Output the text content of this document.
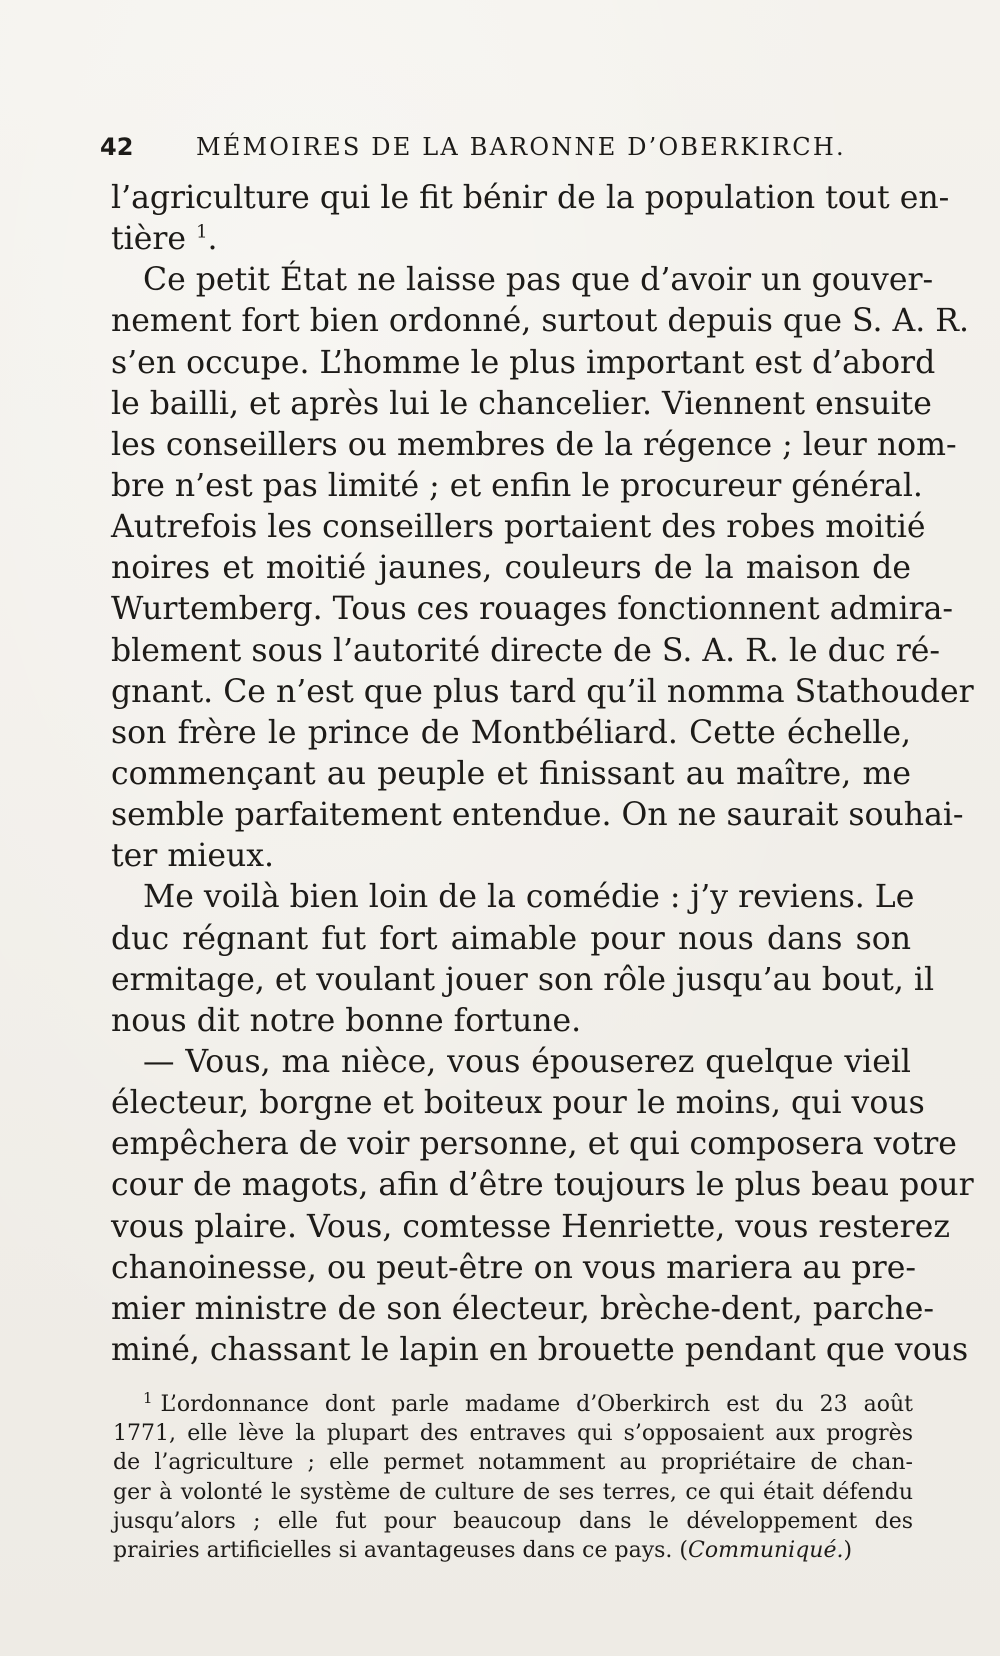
42	MÉMOIRES DE LA BARONNE D’OBERKIRCH.
l’agriculture qui le fit bénir de la population tout en-
tière $^1$.
Ce petit État ne laisse pas que d’avoir un gouver-
nement fort bien ordonné, surtout depuis que S. A. R.
s’en occupe. L’homme le plus important est d’abord
le bailli, et après lui le chancelier. Viennent ensuite
les conseillers ou membres de la régence ; leur nom-
bre n’est pas limité ; et enfin le procureur général.
Autrefois les conseillers portaient des robes moitié
noires et moitié jaunes, couleurs de la maison de
Wurtemberg. Tous ces rouages fonctionnent admira-
blement sous l’autorité directe de S. A. R. le duc ré-
gnant. Ce n’est que plus tard qu’il nomma Stathouder
son frère le prince de Montbéliard. Cette échelle,
commençant au peuple et finissant au maître, me
semble parfaitement entendue. On ne saurait souhai-
ter mieux.
Me voilà bien loin de la comédie : j’y reviens. Le
duc régnant fut fort aimable pour nous dans son
ermitage, et voulant jouer son rôle jusqu’au bout, il
nous dit notre bonne fortune.
— Vous, ma nièce, vous épouserez quelque vieil
électeur, borgne et boiteux pour le moins, qui vous
empêchera de voir personne, et qui composera votre
cour de magots, afin d’être toujours le plus beau pour
vous plaire. Vous, comtesse Henriette, vous resterez
chanoinesse, ou peut-être on vous mariera au pre-
mier ministre de son électeur, brèche-dent, parche-
miné, chassant le lapin en brouette pendant que vous
$^1$ L’ordonnance dont parle madame d’Oberkirch est du 23 août
1771, elle lève la plupart des entraves qui s’opposaient aux progrès
de l’agriculture ; elle permet notamment au propriétaire de chan-
ger à volonté le système de culture de ses terres, ce qui était défendu
jusqu’alors ; elle fut pour beaucoup dans le développement des
prairies artificielles si avantageuses dans ce pays. (Communiqué.)
